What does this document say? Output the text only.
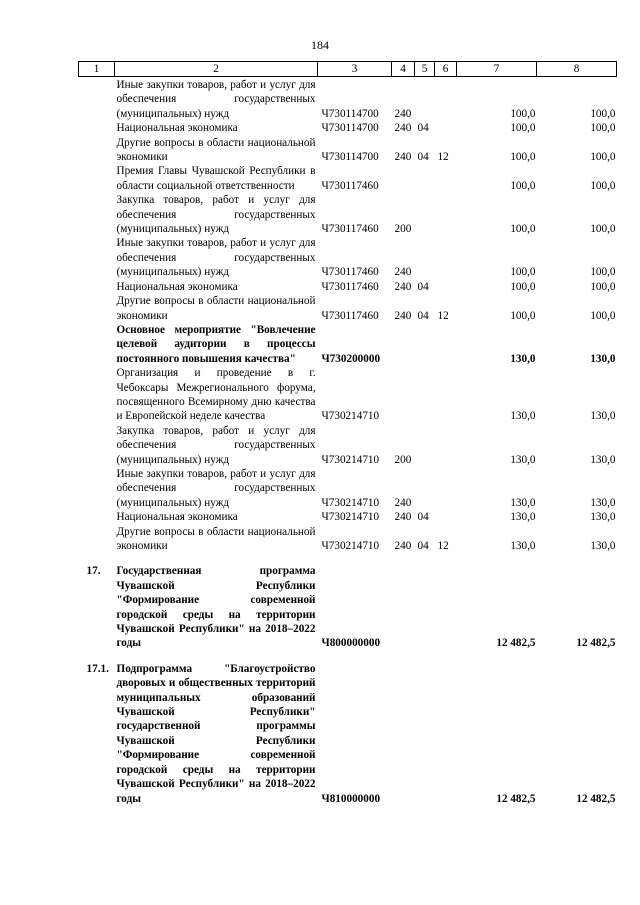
184
1	2	3	4	5	6	7	8
	Иные закупки товаров, работ и услуг для обеспечения государственных (муниципальных) нужд	Ч730114700	240			100,0	100,0
	Национальная экономика	Ч730114700	240	04		100,0	100,0
	Другие вопросы в области национальной экономики	Ч730114700	240	04	12	100,0	100,0
	Премия Главы Чувашской Республики в области социальной ответственности	Ч730117460				100,0	100,0
	Закупка товаров, работ и услуг для обеспечения государственных (муниципальных) нужд	Ч730117460	200			100,0	100,0
	Иные закупки товаров, работ и услуг для обеспечения государственных (муниципальных) нужд	Ч730117460	240			100,0	100,0
	Национальная экономика	Ч730117460	240	04		100,0	100,0
	Другие вопросы в области национальной экономики	Ч730117460	240	04	12	100,0	100,0
	Основное мероприятие "Вовлечение целевой аудитории в процессы постоянного повышения качества"	Ч730200000				130,0	130,0
	Организация и проведение в г. Чебоксары Межрегионального форума, посвященного Всемирному дню качества и Европейской неделе качества	Ч730214710				130,0	130,0
	Закупка товаров, работ и услуг для обеспечения государственных (муниципальных) нужд	Ч730214710	200			130,0	130,0
	Иные закупки товаров, работ и услуг для обеспечения государственных (муниципальных) нужд	Ч730214710	240			130,0	130,0
	Национальная экономика	Ч730214710	240	04		130,0	130,0
	Другие вопросы в области национальной экономики	Ч730214710	240	04	12	130,0	130,0
17.	Государственная программа Чувашской Республики "Формирование современной городской среды на территории Чувашской Республики" на 2018–2022 годы	Ч800000000				12 482,5	12 482,5
17.1.	Подпрограмма "Благоустройство дворовых и общественных территорий муниципальных образований Чувашской Республики" государственной программы Чувашской Республики "Формирование современной городской среды на территории Чувашской Республики" на 2018–2022 годы	Ч810000000				12 482,5	12 482,5
